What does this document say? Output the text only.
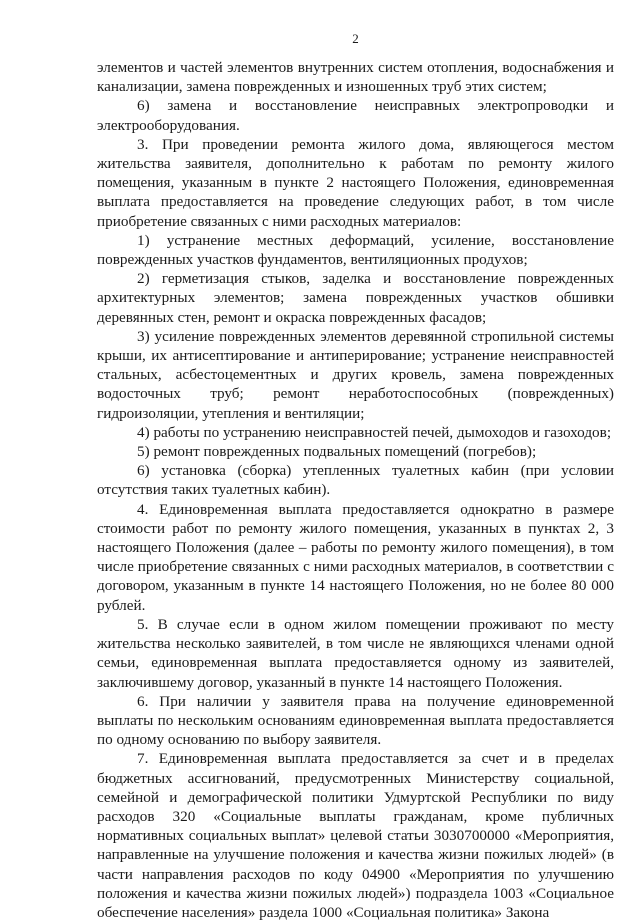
2

элементов и частей элементов внутренних систем отопления, водоснабжения и канализации, замена поврежденных и изношенных труб этих систем;

6) замена и восстановление неисправных электропроводки и электрооборудования.

3. При проведении ремонта жилого дома, являющегося местом жительства заявителя, дополнительно к работам по ремонту жилого помещения, указанным в пункте 2 настоящего Положения, единовременная выплата предоставляется на проведение следующих работ, в том числе приобретение связанных с ними расходных материалов:

1) устранение местных деформаций, усиление, восстановление поврежденных участков фундаментов, вентиляционных продухов;

2) герметизация стыков, заделка и восстановление поврежденных архитектурных элементов; замена поврежденных участков обшивки деревянных стен, ремонт и окраска поврежденных фасадов;

3) усиление поврежденных элементов деревянной стропильной системы крыши, их антисептирование и антиперирование; устранение неисправностей стальных, асбестоцементных и других кровель, замена поврежденных водосточных труб; ремонт неработоспособных (поврежденных) гидроизоляции, утепления и вентиляции;

4) работы по устранению неисправностей печей, дымоходов и газоходов;

5) ремонт поврежденных подвальных помещений (погребов);

6) установка (сборка) утепленных туалетных кабин (при условии отсутствия таких туалетных кабин).

4. Единовременная выплата предоставляется однократно в размере стоимости работ по ремонту жилого помещения, указанных в пунктах 2, 3 настоящего Положения (далее – работы по ремонту жилого помещения), в том числе приобретение связанных с ними расходных материалов, в соответствии с договором, указанным в пункте 14 настоящего Положения, но не более 80 000 рублей.

5. В случае если в одном жилом помещении проживают по месту жительства несколько заявителей, в том числе не являющихся членами одной семьи, единовременная выплата предоставляется одному из заявителей, заключившему договор, указанный в пункте 14 настоящего Положения.

6. При наличии у заявителя права на получение единовременной выплаты по нескольким основаниям единовременная выплата предоставляется по одному основанию по выбору заявителя.

7. Единовременная выплата предоставляется за счет и в пределах бюджетных ассигнований, предусмотренных Министерству социальной, семейной и демографической политики Удмуртской Республики по виду расходов 320 «Социальные выплаты гражданам, кроме публичных нормативных социальных выплат» целевой статьи 3030700000 «Мероприятия, направленные на улучшение положения и качества жизни пожилых людей» (в части направления расходов по коду 04900 «Мероприятия по улучшению положения и качества жизни пожилых людей») подраздела 1003 «Социальное обеспечение населения» раздела 1000 «Социальная политика» Закона
